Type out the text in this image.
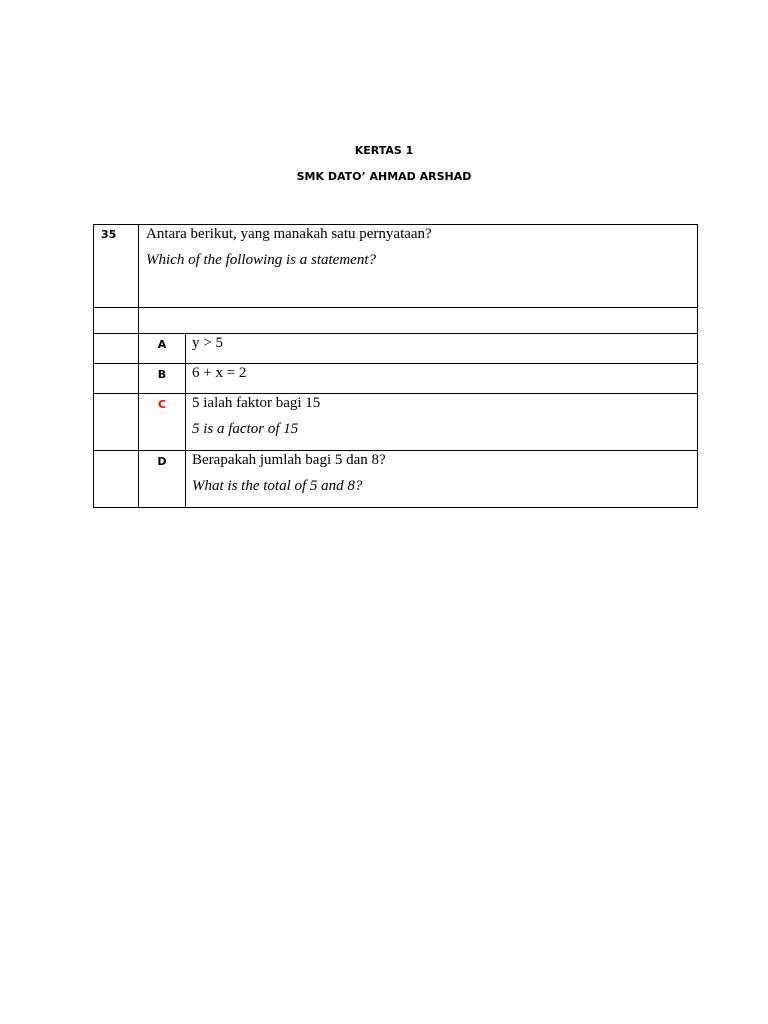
KERTAS 1
SMK DATO’ AHMAD ARSHAD
35	Antara berikut, yang manakah satu pernyataan?
Which of the following is a statement?	

	A	y > 5

	B	6 + x = 2

	C	5 ialah faktor bagi 15
5 is a factor of 15

	D	Berapakah jumlah bagi 5 dan 8?
What is the total of 5 and 8?
